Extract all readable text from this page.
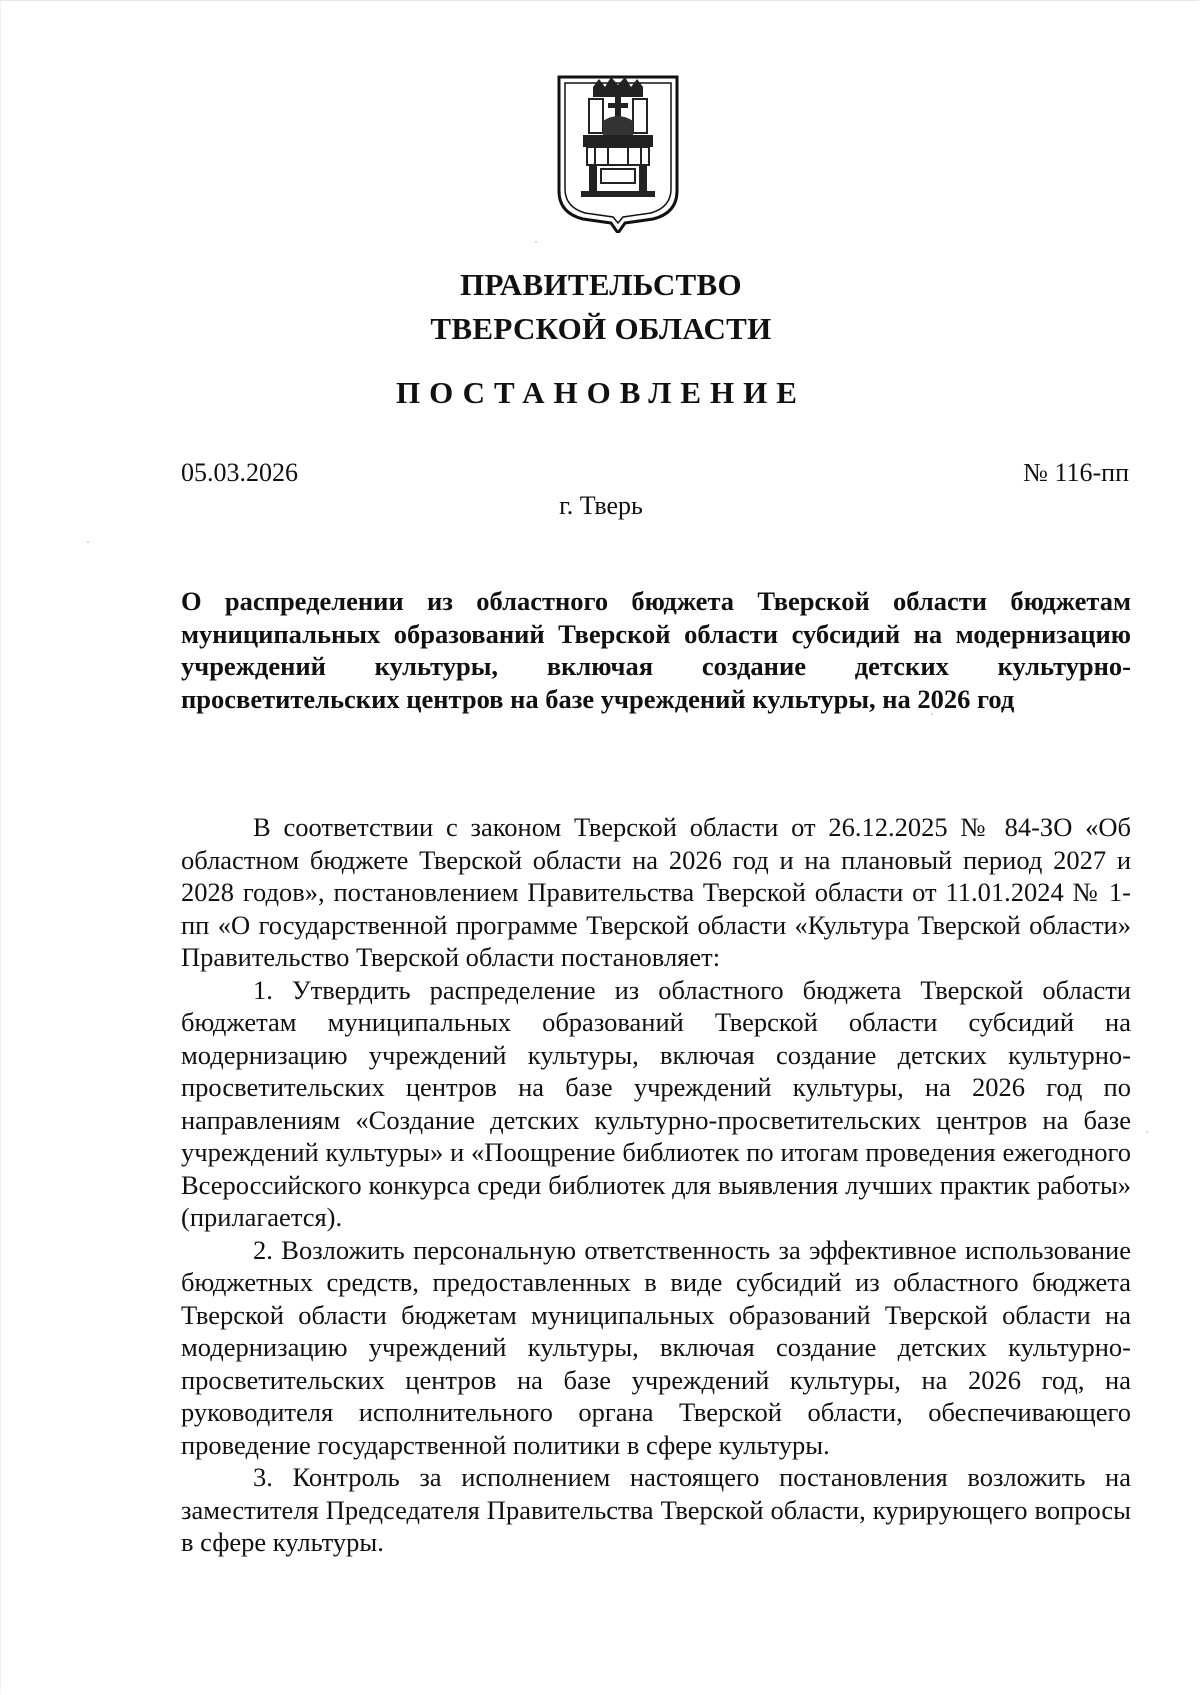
ПРАВИТЕЛЬСТВО
ТВЕРСКОЙ ОБЛАСТИ
ПОСТАНОВЛЕНИЕ
05.03.2026	№ 116-пп
г. Тверь

О распределении из областного бюджета Тверской области бюджетам муниципальных образований Тверской области субсидий на модернизацию учреждений культуры, включая создание детских культурно-просветительских центров на базе учреждений культуры, на 2026 год

В соответствии с законом Тверской области от 26.12.2025 № 84-ЗО «Об областном бюджете Тверской области на 2026 год и на плановый период 2027 и 2028 годов», постановлением Правительства Тверской области от 11.01.2024 № 1-пп «О государственной программе Тверской области «Культура Тверской области» Правительство Тверской области постановляет:

1. Утвердить распределение из областного бюджета Тверской области бюджетам муниципальных образований Тверской области субсидий на модернизацию учреждений культуры, включая создание детских культурно-просветительских центров на базе учреждений культуры, на 2026 год по направлениям «Создание детских культурно-просветительских центров на базе учреждений культуры» и «Поощрение библиотек по итогам проведения ежегодного Всероссийского конкурса среди библиотек для выявления лучших практик работы» (прилагается).

2. Возложить персональную ответственность за эффективное использование бюджетных средств, предоставленных в виде субсидий из областного бюджета Тверской области бюджетам муниципальных образований Тверской области на модернизацию учреждений культуры, включая создание детских культурно-просветительских центров на базе учреждений культуры, на 2026 год, на руководителя исполнительного органа Тверской области, обеспечивающего проведение государственной политики в сфере культуры.

3. Контроль за исполнением настоящего постановления возложить на заместителя Председателя Правительства Тверской области, курирующего вопросы в сфере культуры.
